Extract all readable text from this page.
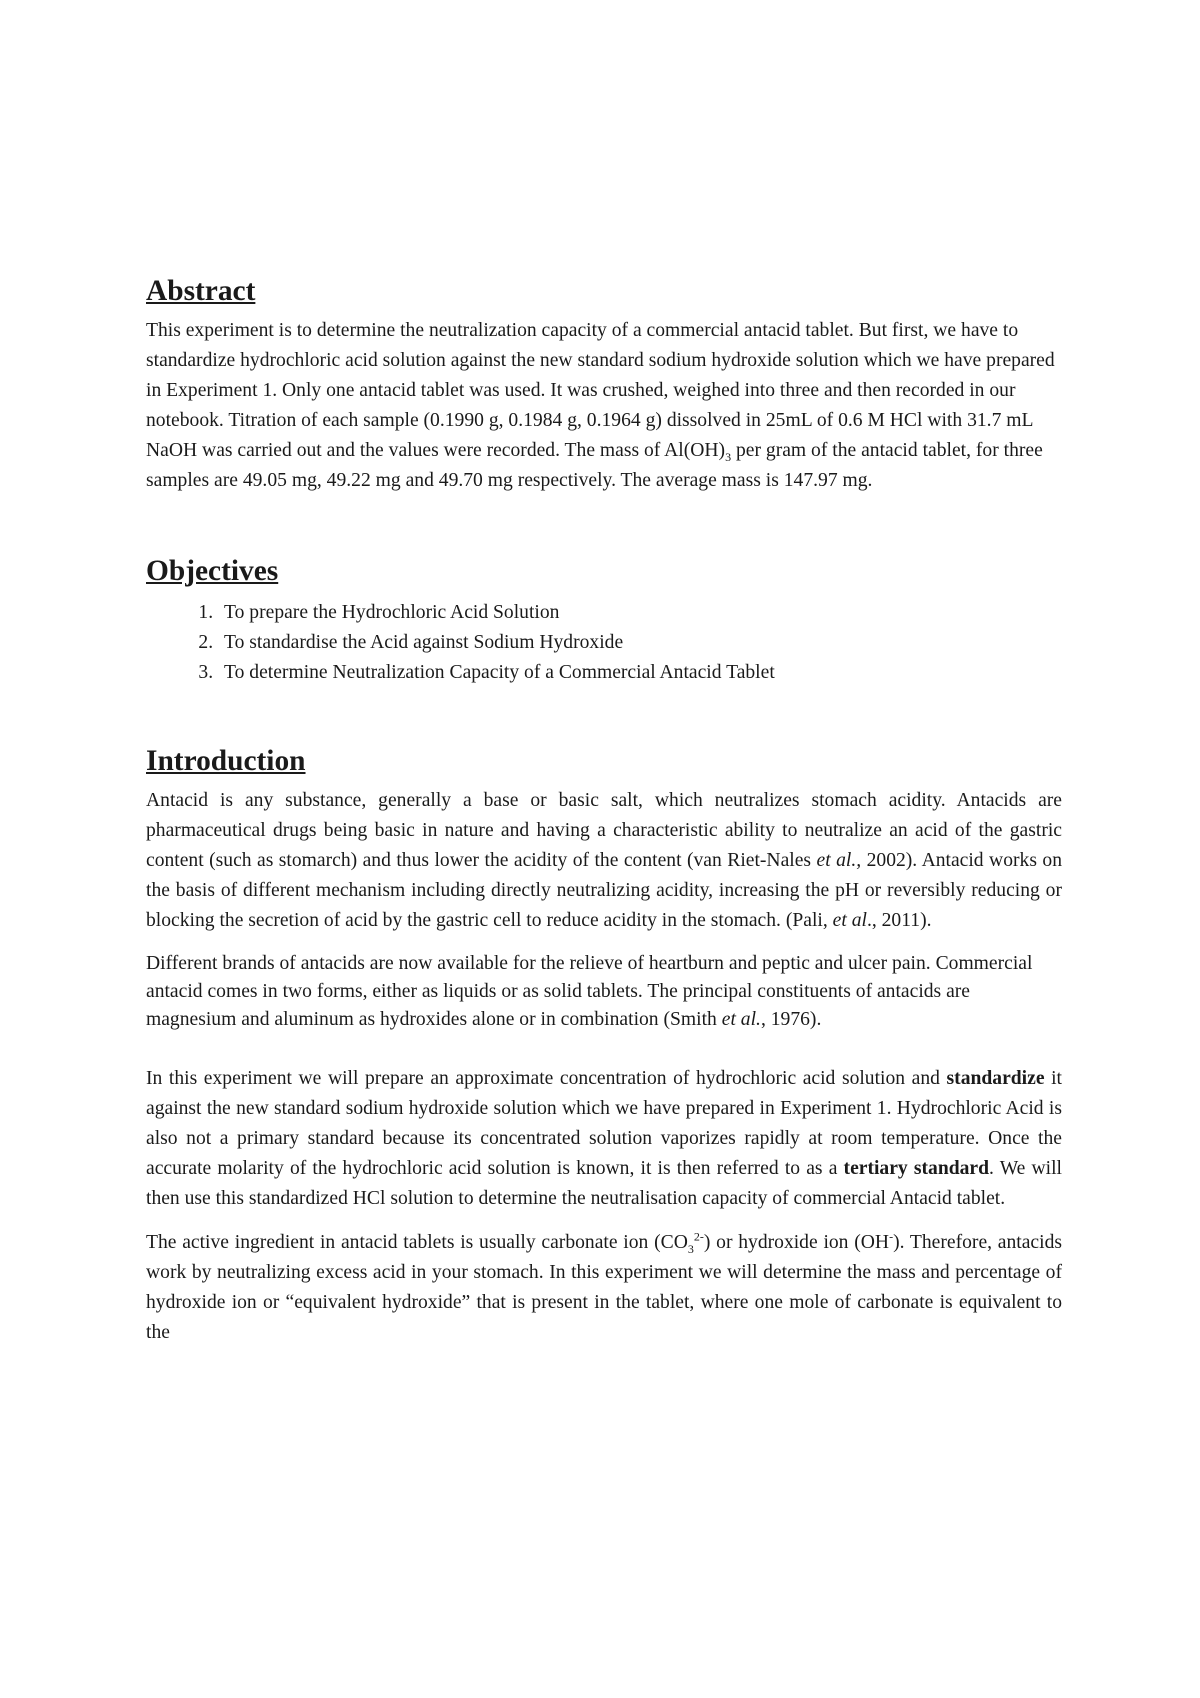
Abstract

This experiment is to determine the neutralization capacity of a commercial antacid tablet. But first, we have to standardize hydrochloric acid solution against the new standard sodium hydroxide solution which we have prepared in Experiment 1. Only one antacid tablet was used. It was crushed, weighed into three and then recorded in our notebook. Titration of each sample (0.1990 g, 0.1984 g, 0.1964 g) dissolved in 25mL of 0.6 M HCl with 31.7 mL NaOH was carried out and the values were recorded. The mass of $Al(OH)_3$ per gram of the antacid tablet, for three samples are 49.05 mg, 49.22 mg and 49.70 mg respectively. The average mass is 147.97 mg.

Objectives
1. To prepare the Hydrochloric Acid Solution
2. To standardise the Acid against Sodium Hydroxide
3. To determine Neutralization Capacity of a Commercial Antacid Tablet
Introduction

Antacid is any substance, generally a base or basic salt, which neutralizes stomach acidity. Antacids are pharmaceutical drugs being basic in nature and having a characteristic ability to neutralize an acid of the gastric content (such as stomarch) and thus lower the acidity of the content (van Riet-Nales et al., 2002). Antacid works on the basis of different mechanism including directly neutralizing acidity, increasing the pH or reversibly reducing or blocking the secretion of acid by the gastric cell to reduce acidity in the stomach. (Pali, et al., 2011).

Different brands of antacids are now available for the relieve of heartburn and peptic and ulcer pain. Commercial antacid comes in two forms, either as liquids or as solid tablets. The principal constituents of antacids are magnesium and aluminum as hydroxides alone or in combination (Smith et al., 1976).

In this experiment we will prepare an approximate concentration of hydrochloric acid solution and standardize it against the new standard sodium hydroxide solution which we have prepared in Experiment 1. Hydrochloric Acid is also not a primary standard because its concentrated solution vaporizes rapidly at room temperature. Once the accurate molarity of the hydrochloric acid solution is known, it is then referred to as a tertiary standard. We will then use this standardized HCl solution to determine the neutralisation capacity of commercial Antacid tablet.

The active ingredient in antacid tablets is usually carbonate ion $(CO_3^{2-})$ or hydroxide ion (OH-). Therefore, antacids work by neutralizing excess acid in your stomach. In this experiment we will determine the mass and percentage of hydroxide ion or “equivalent hydroxide” that is present in the tablet, where one mole of carbonate is equivalent to the
